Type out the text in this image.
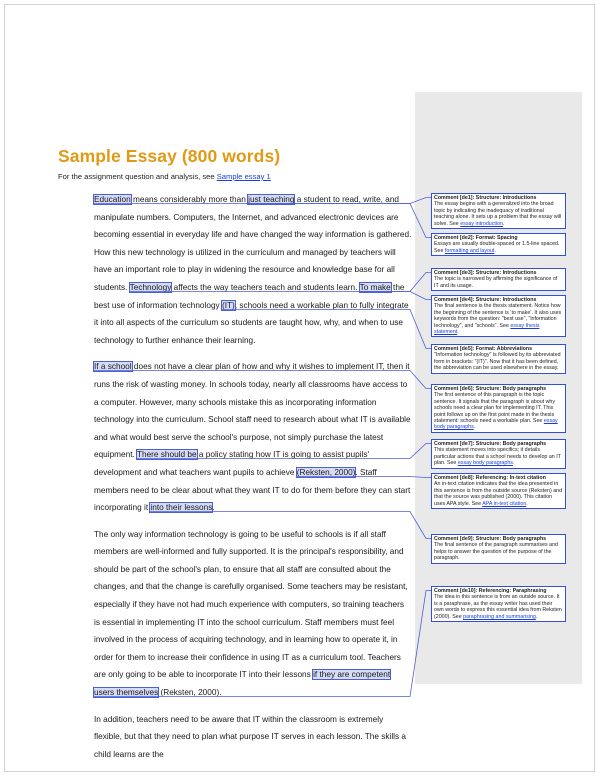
Sample Essay (800 words)
For the assignment question and analysis, see Sample essay 1

Education means considerably more than just teaching a student to read, write, and manipulate numbers. Computers, the Internet, and advanced electronic devices are becoming essential in everyday life and have changed the way information is gathered. How this new technology is utilized in the curriculum and managed by teachers will have an important role to play in widening the resource and knowledge base for all students. Technology affects the way teachers teach and students learn. To make the best use of information technology (IT), schools need a workable plan to fully integrate it into all aspects of the curriculum so students are taught how, why, and when to use technology to further enhance their learning.

If a school does not have a clear plan of how and why it wishes to implement IT, then it runs the risk of wasting money. In schools today, nearly all classrooms have access to a computer. However, many schools mistake this as incorporating information technology into the curriculum. School staff need to research about what IT is available and what would best serve the school's purpose, not simply purchase the latest equipment. There should be a policy stating how IT is going to assist pupils' development and what teachers want pupils to achieve (Reksten, 2000). Staff members need to be clear about what they want IT to do for them before they can start incorporating it into their lessons.

The only way information technology is going to be useful to schools is if all staff members are well-informed and fully supported. It is the principal's responsibility, and should be part of the school's plan, to ensure that all staff are consulted about the changes, and that the change is carefully organised. Some teachers may be resistant, especially if they have not had much experience with computers, so training teachers is essential in implementing IT into the school curriculum. Staff members must feel involved in the process of acquiring technology, and in learning how to operate it, in order for them to increase their confidence in using IT as a curriculum tool. Teachers are only going to be able to incorporate IT into their lessons if they are competent users themselves (Reksten, 2000).

In addition, teachers need to be aware that IT within the classroom is extremely flexible, but that they need to plan what purpose IT serves in each lesson. The skills a child learns are the

Comment [de1]: Structure: Introductions
The essay begins with a generalized into the broad topic by indicating the inadequacy of traditional teaching alone. It sets up a problem that the essay will solve. See essay introduction.
Comment [de2]: Format: Spacing
Essays are usually double-spaced or 1.5-line spaced. See formatting and layout.
Comment [de3]: Structure: Introductions
The topic is narrowed by affirming the significance of IT and its usage.
Comment [de4]: Structure: Introductions
The final sentence is the thesis statement. Notice how the beginning of the sentence is ‘to make’. It also uses keywords from the question: "best use", "information technology", and "schools". See essay thesis statement.
Comment [de5]: Format: Abbreviations
"Information technology" is followed by its abbreviated form in brackets: "(IT)". Now that it has been defined, the abbreviation can be used elsewhere in the essay.
Comment [de6]: Structure: Body paragraphs
The first sentence of this paragraph is the topic sentence. It signals that the paragraph is about why schools need a clear plan for implementing IT. This point follows up on the first point made in the thesis statement: schools need a workable plan. See essay body paragraphs.
Comment [de7]: Structure: Body paragraphs
This statement moves into specifics; it details particular actions that a school needs to develop an IT plan. See essay body paragraphs.
Comment [de8]: Referencing: In-text citation
An in-text citation indicates that the idea presented in this sentence is from the outside source (Reksten) and that the source was published (2000). This citation uses APA style. See APA in-text citation.
Comment [de9]: Structure: Body paragraphs
The final sentence of the paragraph summarises and helps to answer the question of the purpose of the paragraph.
Comment [de10]: Referencing: Paraphrasing
The idea in this sentence is from an outside source. It is a paraphrase, as the essay writer has used their own words to express this essential idea from Reksten (2000). See paraphrasing and summarising.
